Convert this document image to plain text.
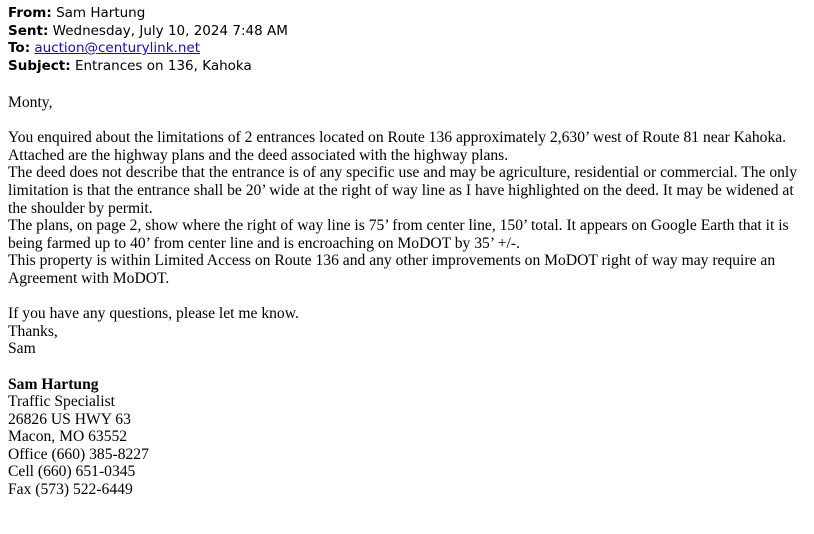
From: Sam Hartung
Sent: Wednesday, July 10, 2024 7:48 AM
To: auction@centurylink.net
Subject: Entrances on 136, Kahoka

Monty,

You enquired about the limitations of 2 entrances located on Route 136 approximately 2,630’ west of Route 81 near Kahoka.

Attached are the highway plans and the deed associated with the highway plans.

The deed does not describe that the entrance is of any specific use and may be agriculture, residential or commercial. The only limitation is that the entrance shall be 20’ wide at the right of way line as I have highlighted on the deed. It may be widened at the shoulder by permit.

The plans, on page 2, show where the right of way line is 75’ from center line, 150’ total. It appears on Google Earth that it is being farmed up to 40’ from center line and is encroaching on MoDOT by 35’ +/-.

This property is within Limited Access on Route 136 and any other improvements on MoDOT right of way may require an Agreement with MoDOT.

If you have any questions, please let me know.

Thanks,

Sam

Sam Hartung

Traffic Specialist

26826 US HWY 63

Macon, MO 63552

Office (660) 385-8227

Cell (660) 651-0345

Fax (573) 522-6449
